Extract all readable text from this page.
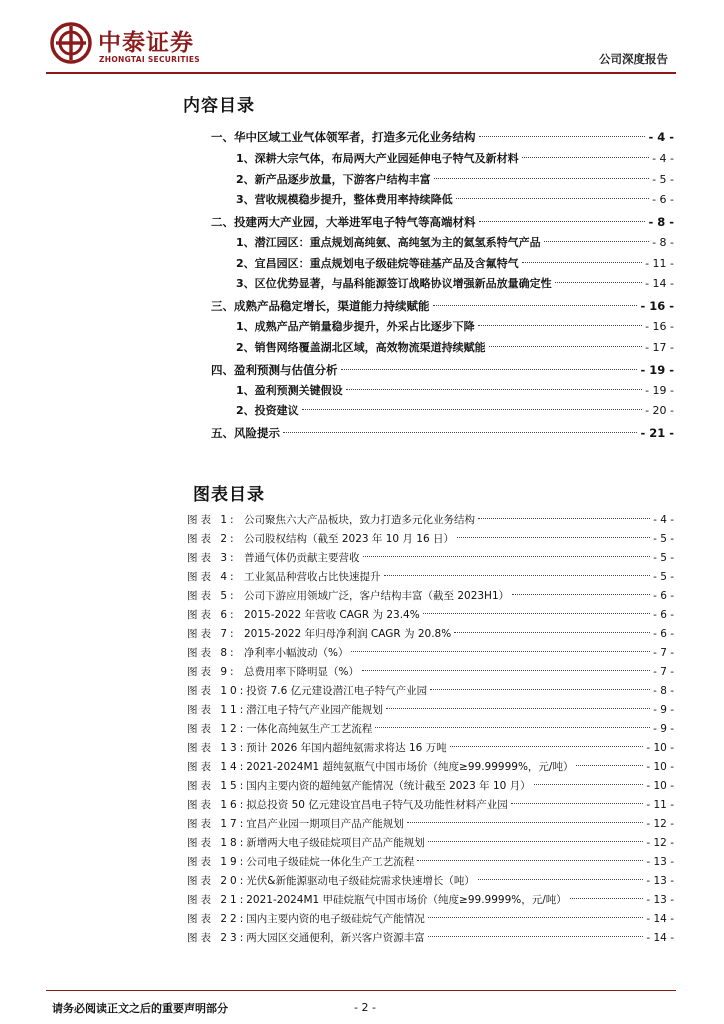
中泰证券
ZHONGTAI SECURITIES	公司深度报告
内容目录
一、华中区域工业气体领军者，打造多元化业务结构	- 4 -
1、深耕大宗气体，布局两大产业园延伸电子特气及新材料	- 4 -
2、新产品逐步放量，下游客户结构丰富	- 5 -
3、营收规模稳步提升，整体费用率持续降低	- 6 -
二、投建两大产业园，大举进军电子特气等高端材料	- 8 -
1、潜江园区：重点规划高纯氨、高纯氢为主的氦氢系特气产品	- 8 -
2、宜昌园区：重点规划电子级硅烷等硅基产品及含氟特气	- 11 -
3、区位优势显著，与晶科能源签订战略协议增强新品放量确定性	- 14 -
三、成熟产品稳定增长，渠道能力持续赋能	- 16 -
1、成熟产品产销量稳步提升，外采占比逐步下降	- 16 -
2、销售网络覆盖湖北区域，高效物流渠道持续赋能	- 17 -
四、盈利预测与估值分析	- 19 -
1、盈利预测关键假设	- 19 -
2、投资建议	- 20 -
五、风险提示	- 21 -
图表目录
图表 1: 公司聚焦六大产品板块，致力打造多元化业务结构	- 4 -
图表 2: 公司股权结构（截至 2023 年 10 月 16 日）	- 5 -
图表 3: 普通气体仍贡献主要营收	- 5 -
图表 4: 工业氮品种营收占比快速提升	- 5 -
图表 5: 公司下游应用领域广泛，客户结构丰富（截至 2023H1）	- 6 -
图表 6: 2015-2022 年营收 CAGR 为 23.4%	- 6 -
图表 7: 2015-2022 年归母净利润 CAGR 为 20.8%	- 6 -
图表 8: 净利率小幅波动（%）	- 7 -
图表 9: 总费用率下降明显（%）	- 7 -
图表 10: 投资 7.6 亿元建设潜江电子特气产业园	- 8 -
图表 11: 潜江电子特气产业园产能规划	- 9 -
图表 12: 一体化高纯氨生产工艺流程	- 9 -
图表 13: 预计 2026 年国内超纯氨需求将达 16 万吨	- 10 -
图表 14: 2021-2024M1 超纯氨瓶气中国市场价（纯度≥99.99999%，元/吨）	- 10 -
图表 15: 国内主要内资的超纯氨产能情况（统计截至 2023 年 10 月）	- 10 -
图表 16: 拟总投资 50 亿元建设宜昌电子特气及功能性材料产业园	- 11 -
图表 17: 宜昌产业园一期项目产品产能规划	- 12 -
图表 18: 新增两大电子级硅烷项目产品产能规划	- 12 -
图表 19: 公司电子级硅烷一体化生产工艺流程	- 13 -
图表 20: 光伏&新能源驱动电子级硅烷需求快速增长（吨）	- 13 -
图表 21: 2021-2024M1 甲硅烷瓶气中国市场价（纯度≥99.9999%，元/吨）	- 13 -
图表 22: 国内主要内资的电子级硅烷气产能情况	- 14 -
图表 23: 两大园区交通便利，新兴客户资源丰富	- 14 -
请务必阅读正文之后的重要声明部分	- 2 -
